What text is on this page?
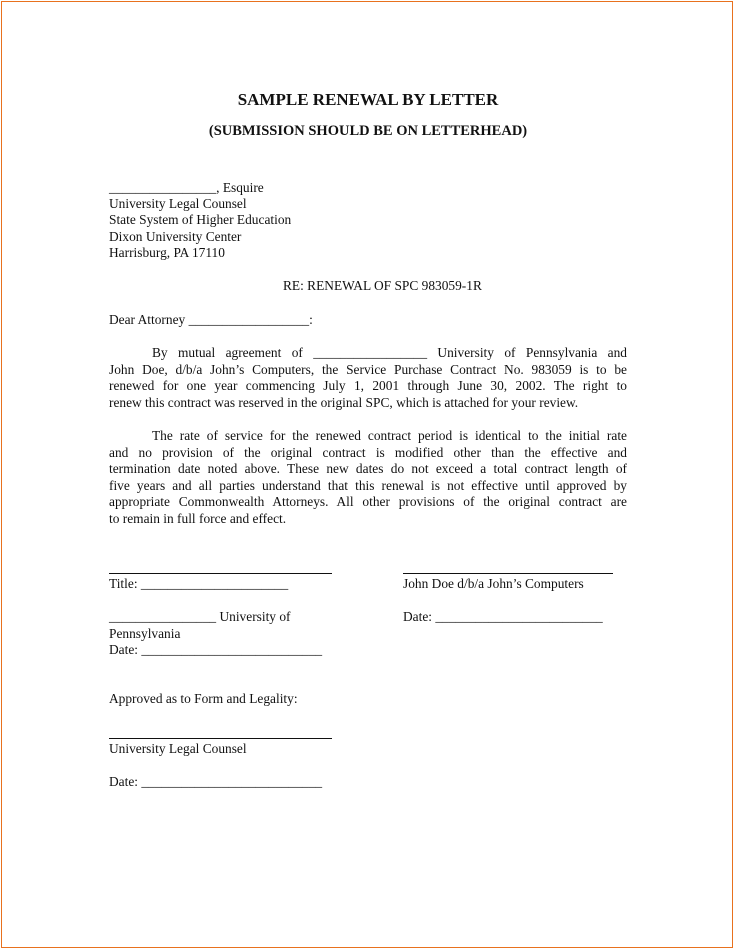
SAMPLE RENEWAL BY LETTER
(SUBMISSION SHOULD BE ON LETTERHEAD)
________________, Esquire
University Legal Counsel
State System of Higher Education
Dixon University Center
Harrisburg, PA 17110
RE: RENEWAL OF SPC 983059-1R
Dear Attorney __________________:
By mutual agreement of _________________ University of Pennsylvania and
John Doe, d/b/a John’s Computers, the Service Purchase Contract No. 983059 is to be
renewed for one year commencing July 1, 2001 through June 30, 2002. The right to
renew this contract was reserved in the original SPC, which is attached for your review.
The rate of service for the renewed contract period is identical to the initial rate
and no provision of the original contract is modified other than the effective and
termination date noted above. These new dates do not exceed a total contract length of
five years and all parties understand that this renewal is not effective until approved by
appropriate Commonwealth Attorneys. All other provisions of the original contract are
to remain in full force and effect.
Title: ______________________	John Doe d/b/a John’s Computers
________________ University of	Date: _________________________
Pennsylvania
Date: ___________________________
Approved as to Form and Legality:
University Legal Counsel
Date: ___________________________
